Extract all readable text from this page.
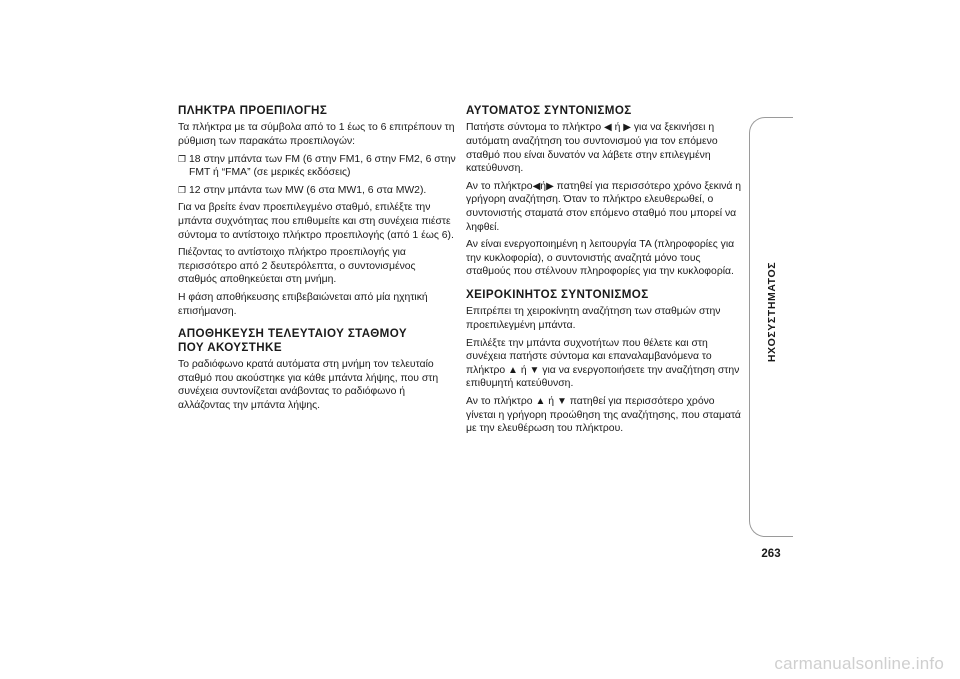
ΠΛΗΚΤΡΑ ΠΡΟΕΠΙΛΟΓΗΣ

Τα πλήκτρα με τα σύμβολα από το 1 έως το 6 επιτρέπουν τη ρύθμιση των παρακάτω προεπιλογών:

❐ 18 στην μπάντα των FM (6 στην FM1, 6 στην FM2, 6 στην FMT ή “FMA” (σε μερικές εκδόσεις)
❐ 12 στην μπάντα των MW (6 στα MW1, 6 στα MW2).

Για να βρείτε έναν προεπιλεγμένο σταθμό, επιλέξτε την μπάντα συχνότητας που επιθυμείτε και στη συνέχεια πιέστε σύντομα το αντίστοιχο πλήκτρο προεπιλογής (από 1 έως 6).

Πιέζοντας το αντίστοιχο πλήκτρο προεπιλογής για περισσότερο από 2 δευτερόλεπτα, ο συντονισμένος σταθμός αποθηκεύεται στη μνήμη.

Η φάση αποθήκευσης επιβεβαιώνεται από μία ηχητική επισήμανση.

ΑΠΟΘΗΚΕΥΣΗ ΤΕΛΕΥΤΑΙΟΥ ΣΤΑΘΜΟΥ
ΠΟΥ ΑΚΟΥΣΤΗΚΕ

Το ραδιόφωνο κρατά αυτόματα στη μνήμη τον τελευταίο σταθμό που ακούστηκε για κάθε μπάντα λήψης, που στη συνέχεια συντονίζεται ανάβοντας το ραδιόφωνο ή αλλάζοντας την μπάντα λήψης.

ΑΥΤΟΜΑΤΟΣ ΣΥΝΤΟΝΙΣΜΟΣ

Πατήστε σύντομα το πλήκτρο ◀ ή ▶ για να ξεκινήσει η αυτόματη αναζήτηση του συντονισμού για τον επόμενο σταθμό που είναι δυνατόν να λάβετε στην επιλεγμένη κατεύθυνση.

Αν το πλήκτρο◀ή▶ πατηθεί για περισσότερο χρόνο ξεκινά η γρήγορη αναζήτηση. Όταν το πλήκτρο ελευθερωθεί, ο συντονιστής σταματά στον επόμενο σταθμό που μπορεί να ληφθεί.

Αν είναι ενεργοποιημένη η λειτουργία TA (πληροφορίες για την κυκλοφορία), ο συντονιστής αναζητά μόνο τους σταθμούς που στέλνουν πληροφορίες για την κυκλοφορία.

ΧΕΙΡΟΚΙΝΗΤΟΣ ΣΥΝΤΟΝΙΣΜΟΣ

Επιτρέπει τη χειροκίνητη αναζήτηση των σταθμών στην προεπιλεγμένη μπάντα.

Επιλέξτε την μπάντα συχνοτήτων που θέλετε και στη συνέχεια πατήστε σύντομα και επαναλαμβανόμενα το πλήκτρο ▲ ή ▼ για να ενεργοποιήσετε την αναζήτηση στην επιθυμητή κατεύθυνση.

Αν το πλήκτρο ▲ ή ▼ πατηθεί για περισσότερο χρόνο γίνεται η γρήγορη προώθηση της αναζήτησης, που σταματά με την ελευθέρωση του πλήκτρου.

ΗΧΟΣΥΣΤΗΜΑΤΟΣ
263
carmanualsonline.info
